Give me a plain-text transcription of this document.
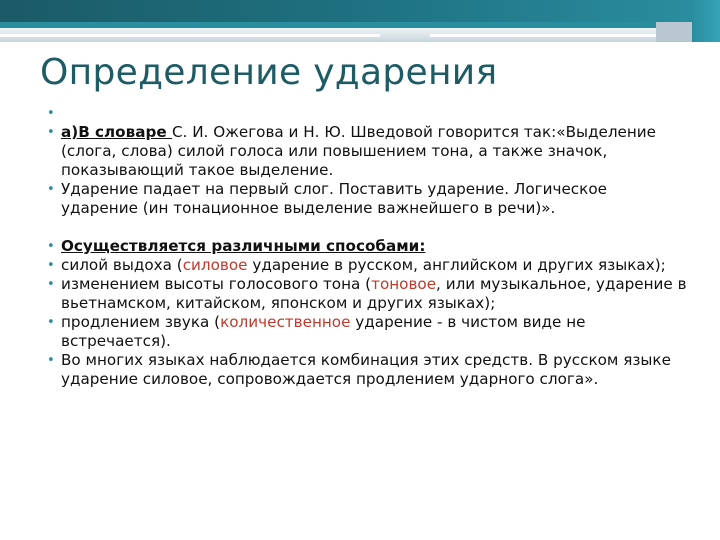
Определение ударения

•

• а)В словаре С. И. Ожегова и Н. Ю. Шведовой говорится так:«Выделение (слога, слова) силой голоса или повышением тона, а также значок, показывающий такое выделение.

• Ударение падает на первый слог. Поставить ударение. Логическое ударение (ин тонационное выделение важнейшего в речи)».

• Осуществляется различными способами:

• силой выдоха (силовое ударение в русском, английском и других языках);

• изменением высоты голосового тона (тоновое, или музыкальное, ударение в вьетнамском, китайском, японском и других языках);

• продлением звука (количественное ударение - в чистом виде не встречается).

• Во многих языках наблюдается комбинация этих средств. В русском языке ударение силовое, сопровождается продлением ударного слога».
